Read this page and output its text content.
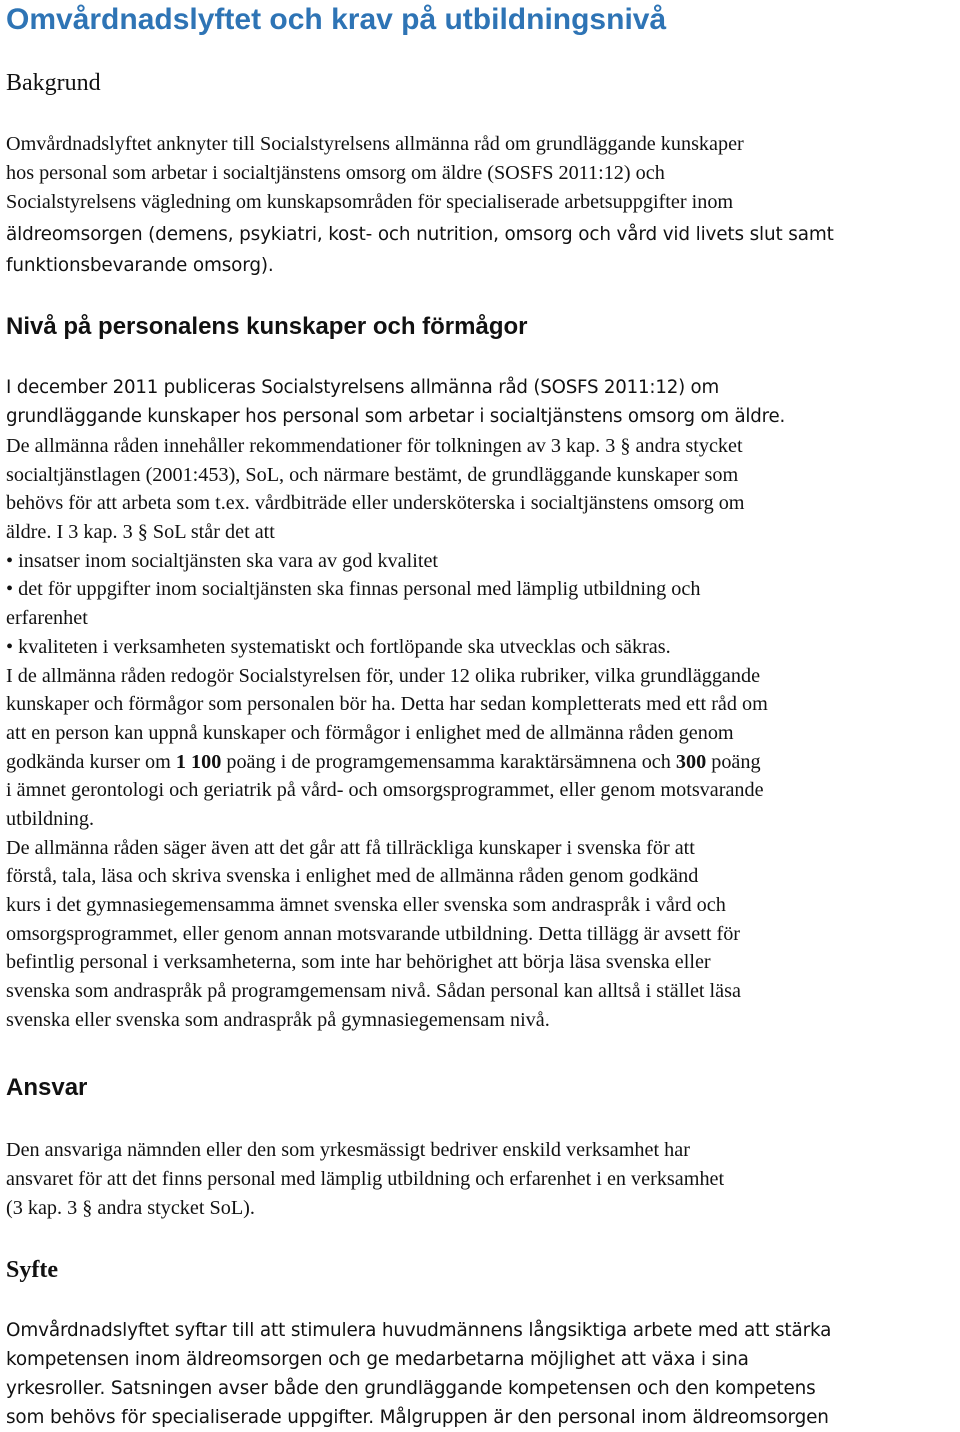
Omvårdnadslyftet och krav på utbildningsnivå
Bakgrund
Omvårdnadslyftet anknyter till Socialstyrelsens allmänna råd om grundläggande kunskaper
hos personal som arbetar i socialtjänstens omsorg om äldre (SOSFS 2011:12) och
Socialstyrelsens vägledning om kunskapsområden för specialiserade arbetsuppgifter inom
äldreomsorgen (demens, psykiatri, kost- och nutrition, omsorg och vård vid livets slut samt
funktionsbevarande omsorg).
Nivå på personalens kunskaper och förmågor
I december 2011 publiceras Socialstyrelsens allmänna råd (SOSFS 2011:12) om
grundläggande kunskaper hos personal som arbetar i socialtjänstens omsorg om äldre.
De allmänna råden innehåller rekommendationer för tolkningen av 3 kap. 3 § andra stycket
socialtjänstlagen (2001:453), SoL, och närmare bestämt, de grundläggande kunskaper som
behövs för att arbeta som t.ex. vårdbiträde eller undersköterska i socialtjänstens omsorg om
äldre. I 3 kap. 3 § SoL står det att
• insatser inom socialtjänsten ska vara av god kvalitet
• det för uppgifter inom socialtjänsten ska finnas personal med lämplig utbildning och
erfarenhet
• kvaliteten i verksamheten systematiskt och fortlöpande ska utvecklas och säkras.
I de allmänna råden redogör Socialstyrelsen för, under 12 olika rubriker, vilka grundläggande
kunskaper och förmågor som personalen bör ha. Detta har sedan kompletterats med ett råd om
att en person kan uppnå kunskaper och förmågor i enlighet med de allmänna råden genom
godkända kurser om 1 100 poäng i de programgemensamma karaktärsämnena och 300 poäng
i ämnet gerontologi och geriatrik på vård- och omsorgsprogrammet, eller genom motsvarande
utbildning.
De allmänna råden säger även att det går att få tillräckliga kunskaper i svenska för att
förstå, tala, läsa och skriva svenska i enlighet med de allmänna råden genom godkänd
kurs i det gymnasiegemensamma ämnet svenska eller svenska som andraspråk i vård och
omsorgsprogrammet, eller genom annan motsvarande utbildning. Detta tillägg är avsett för
befintlig personal i verksamheterna, som inte har behörighet att börja läsa svenska eller
svenska som andraspråk på programgemensam nivå. Sådan personal kan alltså i stället läsa
svenska eller svenska som andraspråk på gymnasiegemensam nivå.
Ansvar
Den ansvariga nämnden eller den som yrkesmässigt bedriver enskild verksamhet har
ansvaret för att det finns personal med lämplig utbildning och erfarenhet i en verksamhet
(3 kap. 3 § andra stycket SoL).
Syfte
Omvårdnadslyftet syftar till att stimulera huvudmännens långsiktiga arbete med att stärka
kompetensen inom äldreomsorgen och ge medarbetarna möjlighet att växa i sina
yrkesroller. Satsningen avser både den grundläggande kompetensen och den kompetens
som behövs för specialiserade uppgifter. Målgruppen är den personal inom äldreomsorgen
